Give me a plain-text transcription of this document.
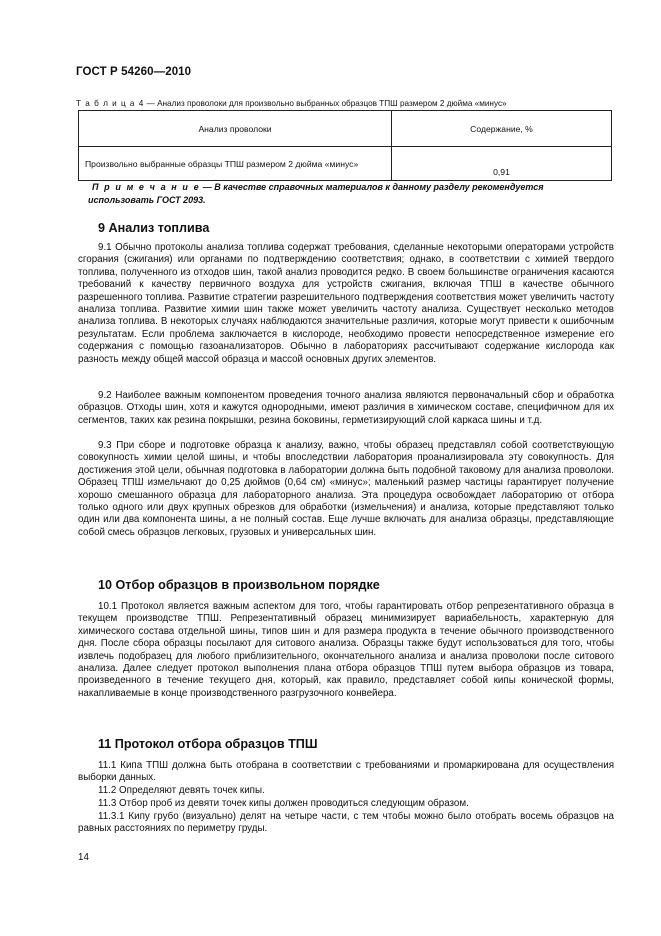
ГОСТ Р 54260—2010
Т а б л и ц а 4 — Анализ проволоки для произвольно выбранных образцов ТПШ размером 2 дюйма «минус»
Анализ проволоки	Содержание, %
Произвольно выбранные образцы ТПШ размером 2 дюйма «минус»	0,91
П р и м е ч а н и е — В качестве справочных материалов к данному разделу рекомендуется использовать ГОСТ 2093.
9 Анализ топлива
9.1 Обычно протоколы анализа топлива содержат требования, сделанные некоторыми операторами устройств сгорания (сжигания) или органами по подтверждению соответствия; однако, в соответствии с химией твердого топлива, полученного из отходов шин, такой анализ проводится редко. В своем большинстве ограничения касаются требований к качеству первичного воздуха для устройств сжигания, включая ТПШ в качестве обычного разрешенного топлива. Развитие стратегии разрешительного подтверждения соответствия может увеличить частоту анализа топлива. Развитие химии шин также может увеличить частоту анализа. Существует несколько методов анализа топлива. В некоторых случаях наблюдаются значительные различия, которые могут привести к ошибочным результатам. Если проблема заключается в кислороде, необходимо провести непосредственное измерение его содержания с помощью газоанализаторов. Обычно в лабораториях рассчитывают содержание кислорода как разность между общей массой образца и массой основных других элементов.
9.2 Наиболее важным компонентом проведения точного анализа являются первоначальный сбор и обработка образцов. Отходы шин, хотя и кажутся однородными, имеют различия в химическом составе, специфичном для их сегментов, таких как резина покрышки, резина боковины, герметизирующий слой каркаса шины и т.д.
9.3 При сборе и подготовке образца к анализу, важно, чтобы образец представлял собой соответствующую совокупность химии целой шины, и чтобы впоследствии лаборатория проанализировала эту совокупность. Для достижения этой цели, обычная подготовка в лаборатории должна быть подобной таковому для анализа проволоки. Образец ТПШ измельчают до 0,25 дюймов (0,64 см) «минус»; маленький размер частицы гарантирует получение хорошо смешанного образца для лабораторного анализа. Эта процедура освобождает лабораторию от отбора только одного или двух крупных обрезков для обработки (измельчения) и анализа, которые представляют только один или два компонента шины, а не полный состав. Еще лучше включать для анализа образцы, представляющие собой смесь образцов легковых, грузовых и универсальных шин.
10 Отбор образцов в произвольном порядке
10.1 Протокол является важным аспектом для того, чтобы гарантировать отбор репрезентативного образца в текущем производстве ТПШ. Репрезентативный образец минимизирует вариабельность, характерную для химического состава отдельной шины, типов шин и для размера продукта в течение обычного производственного дня. После сбора образцы посылают для ситового анализа. Образцы также будут использоваться для того, чтобы извлечь подобразец для любого приблизительного, окончательного анализа и анализа проволоки после ситового анализа. Далее следует протокол выполнения плана отбора образцов ТПШ путем выбора образцов из товара, произведенного в течение текущего дня, который, как правило, представляет собой кипы конической формы, накапливаемые в конце производственного разгрузочного конвейера.
11 Протокол отбора образцов ТПШ
11.1 Кипа ТПШ должна быть отобрана в соответствии с требованиями и промаркирована для осуществления выборки данных.
11.2 Определяют девять точек кипы.
11.3 Отбор проб из девяти точек кипы должен проводиться следующим образом.
11.3.1 Кипу грубо (визуально) делят на четыре части, с тем чтобы можно было отобрать восемь образцов на равных расстояниях по периметру груды.
14
